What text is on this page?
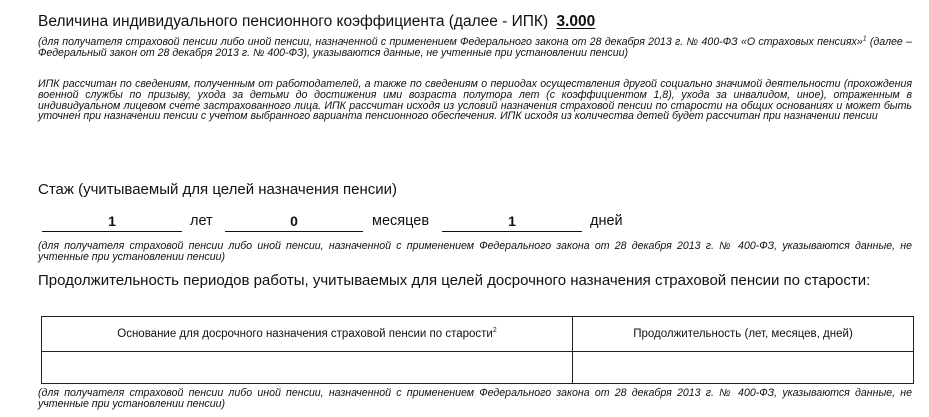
Величина индивидуального пенсионного коэффициента (далее - ИПК) 3.000
(для получателя страховой пенсии либо иной пенсии, назначенной с применением Федерального закона от 28 декабря 2013 г. № 400-ФЗ «О страховых пенсиях»$^1$ (далее – Федеральный закон от 28 декабря 2013 г. № 400-ФЗ), указываются данные, не учтенные при установлении пенсии)
ИПК рассчитан по сведениям, полученным от работодателей, а также по сведениям о периодах осуществления другой социально значимой деятельности (прохождения военной службы по призыву, ухода за детьми до достижения ими возраста полутора лет (с коэффициентом 1,8), ухода за инвалидом, иное), отраженным в индивидуальном лицевом счете застрахованного лица. ИПК рассчитан исходя из условий назначения страховой пенсии по старости на общих основаниях и может быть уточнен при назначении пенсии с учетом выбранного варианта пенсионного обеспечения. ИПК исходя из количества детей будет рассчитан при назначении пенсии
Стаж (учитываемый для целей назначения пенсии)
1	лет	0	месяцев	1	дней
(для получателя страховой пенсии либо иной пенсии, назначенной с применением Федерального закона от 28 декабря 2013 г. № 400-ФЗ, указываются данные, не учтенные при установлении пенсии)
Продолжительность периодов работы, учитываемых для целей досрочного назначения страховой пенсии по старости:
Основание для досрочного назначения страховой пенсии по старости$^2$	Продолжительность (лет, месяцев, дней)

(для получателя страховой пенсии либо иной пенсии, назначенной с применением Федерального закона от 28 декабря 2013 г. № 400-ФЗ, указываются данные, не учтенные при установлении пенсии)
